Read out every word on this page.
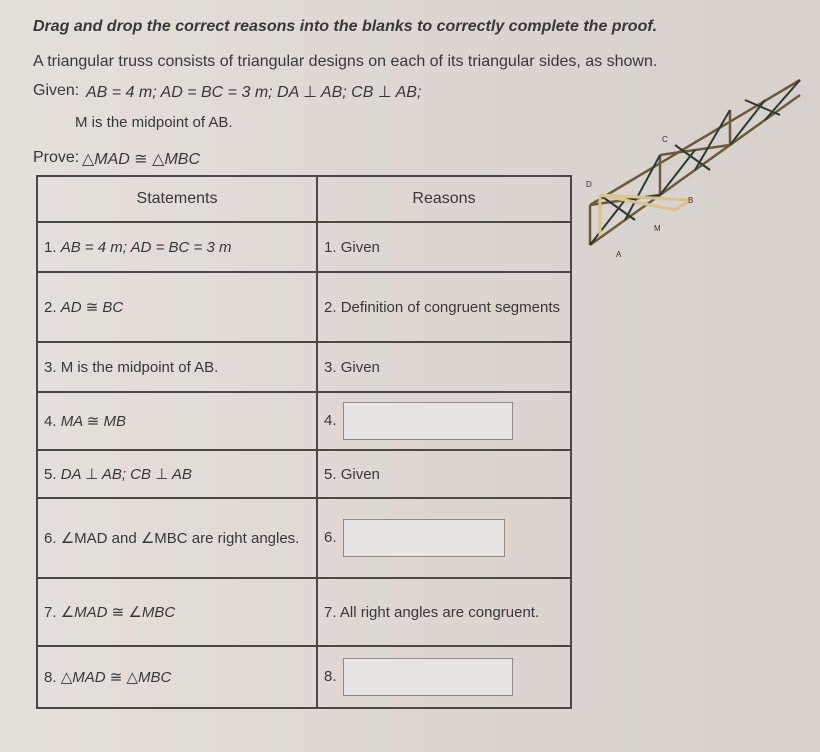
Drag and drop the correct reasons into the blanks to correctly complete the proof.
A triangular truss consists of triangular designs on each of its triangular sides, as shown.
Given: AB = 4 m; AD = BC = 3 m; DA ⊥ AB; CB ⊥ AB;
M is the midpoint of AB.
Prove: △MAD ≅ △MBC
Statements	Reasons
1. AB = 4 m; AD = BC = 3 m	1. Given
2. AD ≅ BC	2. Definition of congruent segments
3. M is the midpoint of AB.	3. Given
4. MA ≅ MB	4.
5. DA ⊥ AB; CB ⊥ AB	5. Given
6. ∠MAD and ∠MBC are right angles.	6.
7. ∠MAD ≅ ∠MBC	7. All right angles are congruent.
8. △MAD ≅ △MBC	8.
D
C
B
M
A
